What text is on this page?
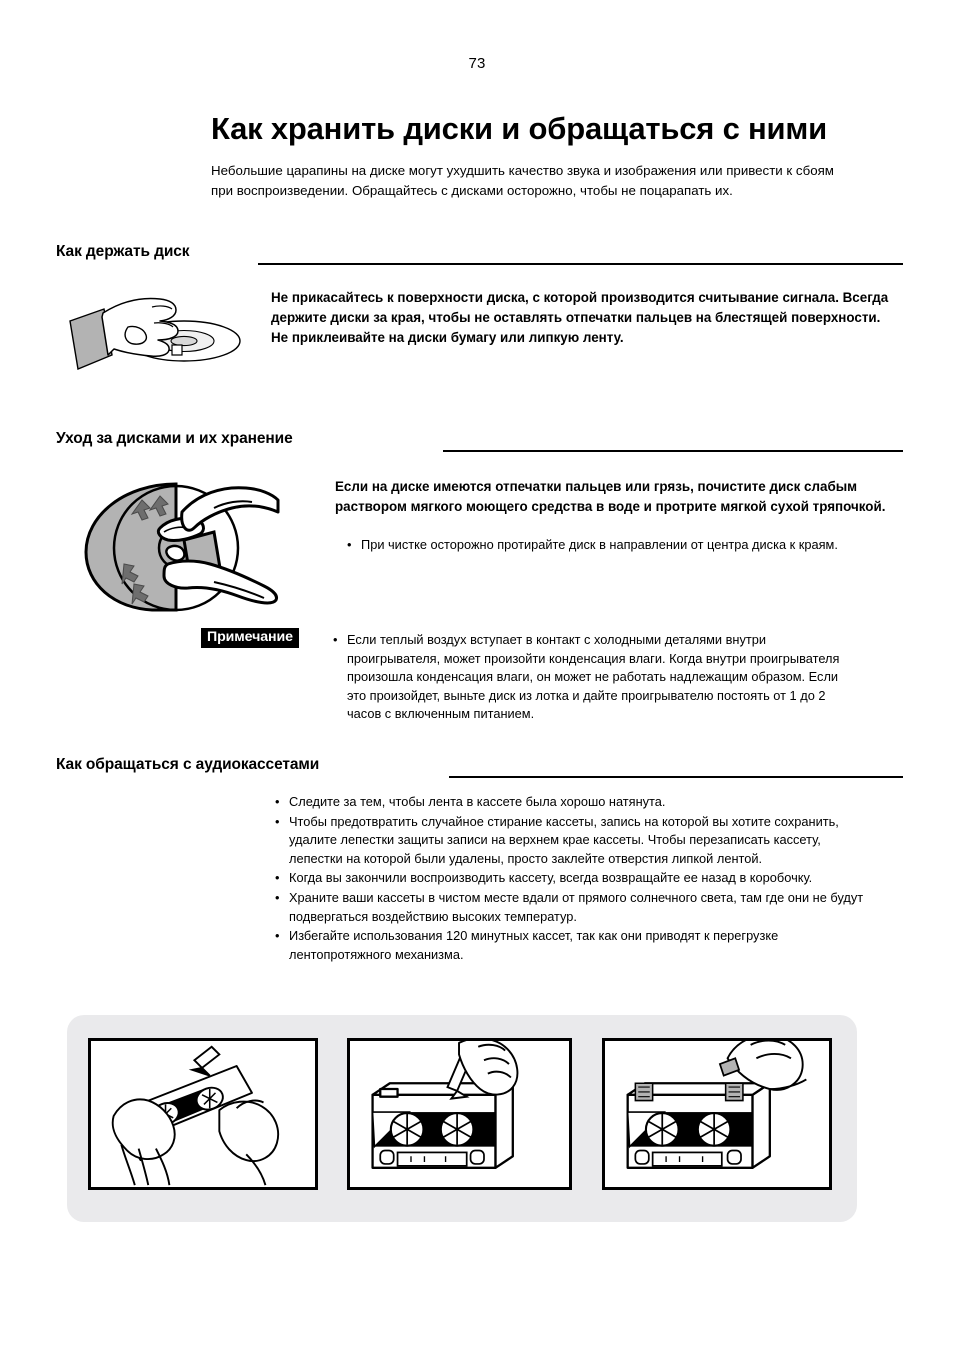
73
Как хранить диски и обращаться с ними

Небольшие царапины на диске могут ухудшить качество звука и изображения или привести к сбоям при воспроизведении. Обращайтесь с дисками осторожно, чтобы не поцарапать их.

Как держать диск
Не прикасайтесь к поверхности диска, с которой производится считывание сигнала. Всегда держите диски за края, чтобы не оставлять отпечатки пальцев на блестящей поверхности.
Не приклеивайте на диски бумагу или липкую ленту.
Уход за дисками и их хранение
Если на диске имеются отпечатки пальцев или грязь, почистите диск слабым раствором мягкого моющего средства в воде и протрите мягкой сухой тряпочкой.
• При чистке осторожно протирайте диск в направлении от центра диска к краям.
Примечание	• Если теплый воздух вступает в контакт с холодными деталями внутри проигрывателя, может произойти конденсация влаги. Когда внутри проигрывателя произошла конденсация влаги, он может не работать надлежащим образом. Если это произойдет, выньте диск из лотка и дайте проигрывателю постоять от 1 до 2 часов с включенным питанием.
Как обращаться с аудиокассетами
• Следите за тем, чтобы лента в кассете была хорошо натянута.
• Чтобы предотвратить случайное стирание кассеты, запись на которой вы хотите сохранить, удалите лепестки защиты записи на верхнем крае кассеты. Чтобы перезаписать кассету, лепестки на которой были удалены, просто заклейте отверстия липкой лентой.
• Когда вы закончили воспроизводить кассету, всегда возвращайте ее назад в коробочку.
• Храните ваши кассеты в чистом месте вдали от прямого солнечного света, там где они не будут подвергаться воздействию высоких температур.
• Избегайте использования 120 минутных кассет, так как они приводят к перегрузке лентопротяжного механизма.
